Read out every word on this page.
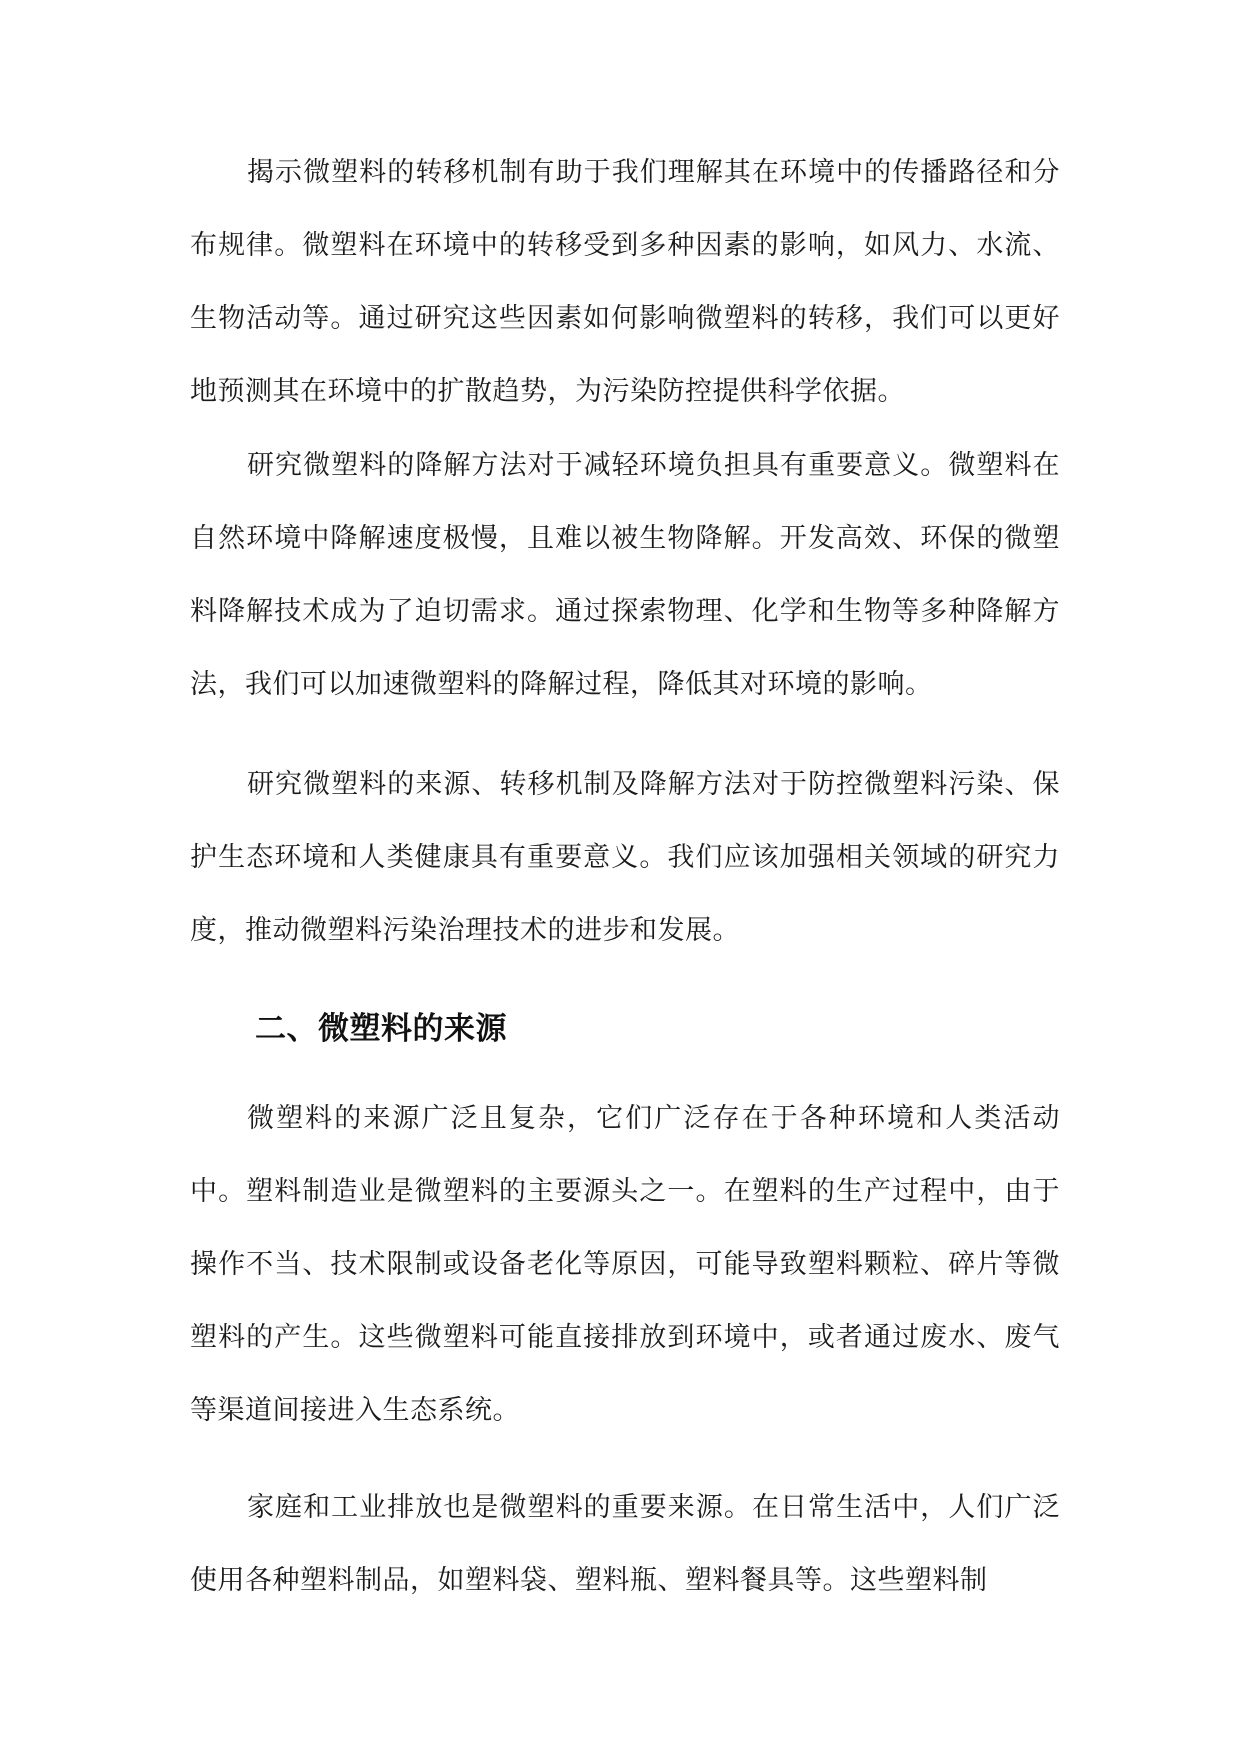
揭示微塑料的转移机制有助于我们理解其在环境中的传播路径和分布规律。微塑料在环境中的转移受到多种因素的影响，如风力、水流、生物活动等。通过研究这些因素如何影响微塑料的转移，我们可以更好地预测其在环境中的扩散趋势，为污染防控提供科学依据。

研究微塑料的降解方法对于减轻环境负担具有重要意义。微塑料在自然环境中降解速度极慢，且难以被生物降解。开发高效、环保的微塑料降解技术成为了迫切需求。通过探索物理、化学和生物等多种降解方法，我们可以加速微塑料的降解过程，降低其对环境的影响。

研究微塑料的来源、转移机制及降解方法对于防控微塑料污染、保护生态环境和人类健康具有重要意义。我们应该加强相关领域的研究力度，推动微塑料污染治理技术的进步和发展。

二、微塑料的来源

微塑料的来源广泛且复杂，它们广泛存在于各种环境和人类活动中。塑料制造业是微塑料的主要源头之一。在塑料的生产过程中，由于操作不当、技术限制或设备老化等原因，可能导致塑料颗粒、碎片等微塑料的产生。这些微塑料可能直接排放到环境中，或者通过废水、废气等渠道间接进入生态系统。

家庭和工业排放也是微塑料的重要来源。在日常生活中，人们广泛使用各种塑料制品，如塑料袋、塑料瓶、塑料餐具等。这些塑料制
